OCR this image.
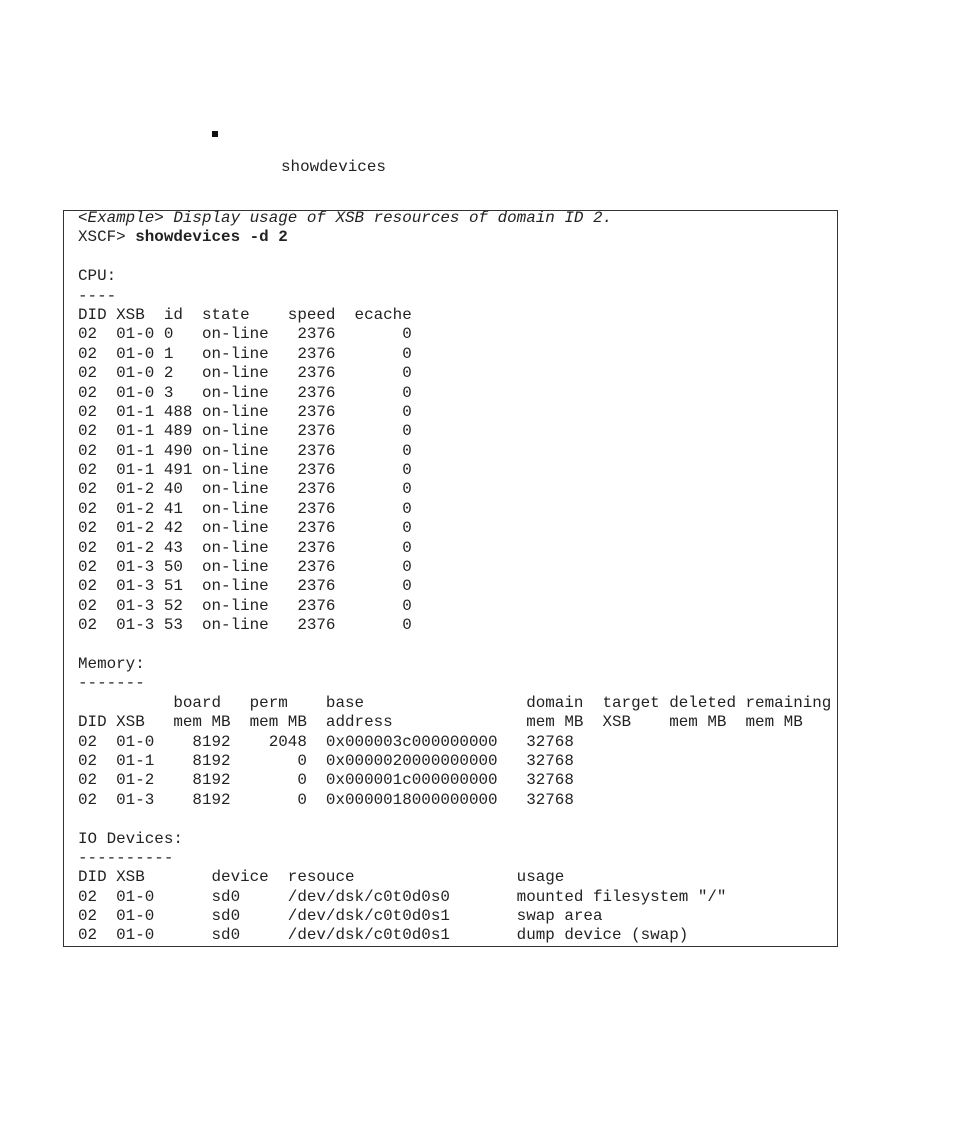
showdevices
<Example> Display usage of XSB resources of domain ID 2.
XSCF> showdevices -d 2
CPU:
----
DID XSB  id  state    speed  ecache
02  01-0 0   on-line   2376       0
02  01-0 1   on-line   2376       0
02  01-0 2   on-line   2376       0
02  01-0 3   on-line   2376       0
02  01-1 488 on-line   2376       0
02  01-1 489 on-line   2376       0
02  01-1 490 on-line   2376       0
02  01-1 491 on-line   2376       0
02  01-2 40  on-line   2376       0
02  01-2 41  on-line   2376       0
02  01-2 42  on-line   2376       0
02  01-2 43  on-line   2376       0
02  01-3 50  on-line   2376       0
02  01-3 51  on-line   2376       0
02  01-3 52  on-line   2376       0
02  01-3 53  on-line   2376       0
Memory:
-------
board   perm    base                 domain  target deleted remaining
DID XSB   mem MB  mem MB  address              mem MB  XSB    mem MB  mem MB
02  01-0    8192    2048  0x000003c000000000   32768
02  01-1    8192       0  0x0000020000000000   32768
02  01-2    8192       0  0x000001c000000000   32768
02  01-3    8192       0  0x0000018000000000   32768
IO Devices:
----------
DID XSB       device  resouce                 usage
02  01-0      sd0     /dev/dsk/c0t0d0s0       mounted filesystem "/"
02  01-0      sd0     /dev/dsk/c0t0d0s1       swap area
02  01-0      sd0     /dev/dsk/c0t0d0s1       dump device (swap)
